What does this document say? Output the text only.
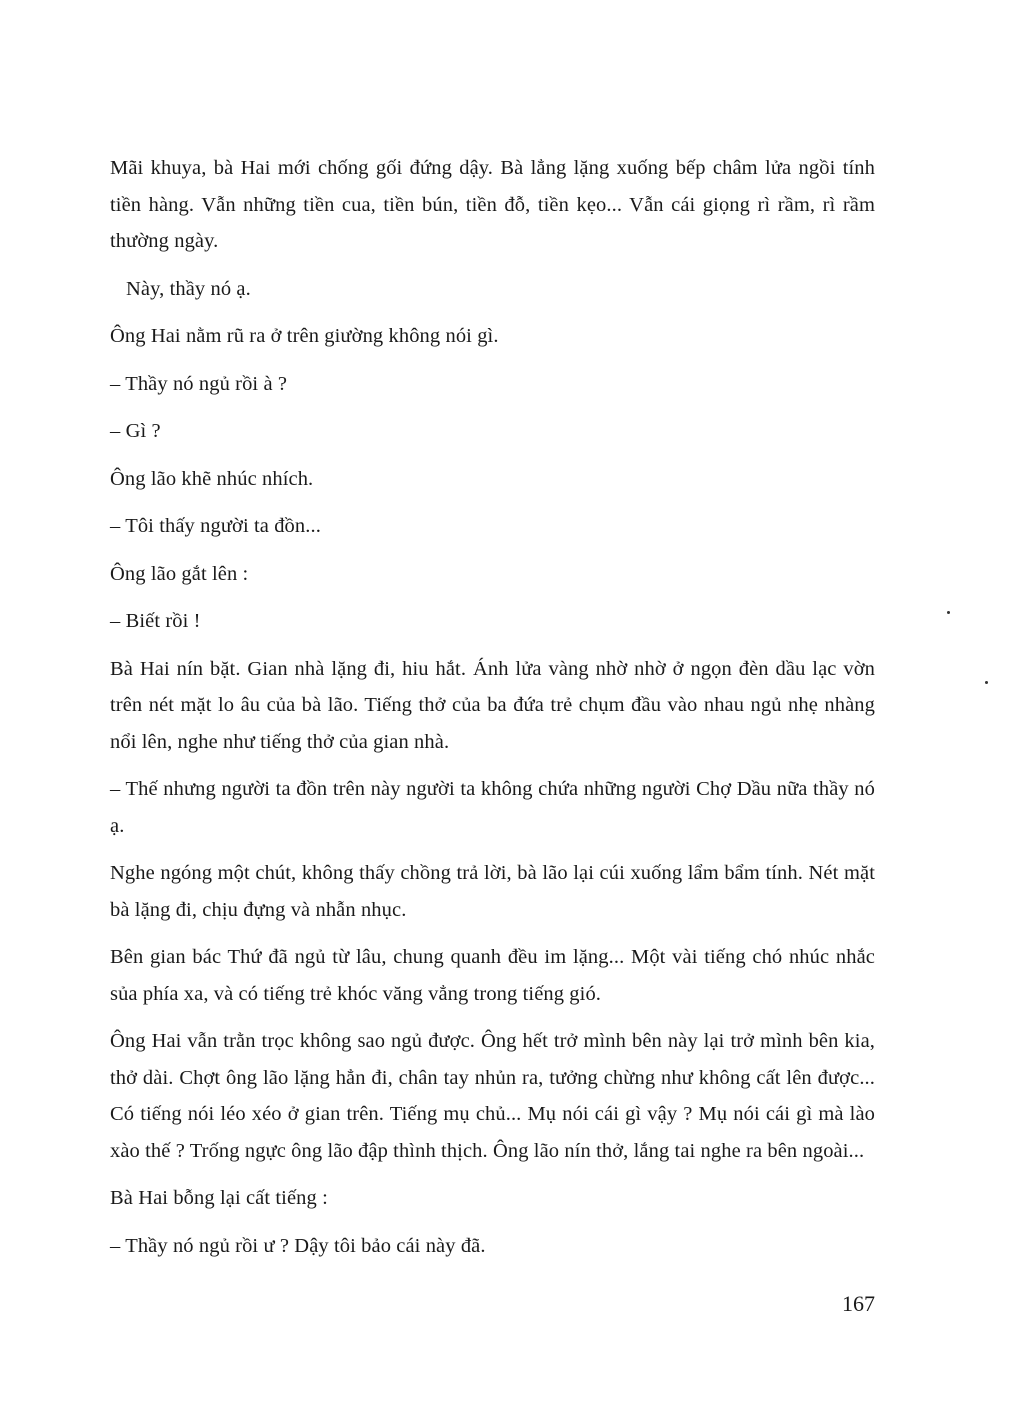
Mãi khuya, bà Hai mới chống gối đứng dậy. Bà lẳng lặng xuống bếp châm lửa ngồi tính tiền hàng. Vẫn những tiền cua, tiền bún, tiền đỗ, tiền kẹo... Vẫn cái giọng rì rầm, rì rầm thường ngày.

Này, thầy nó ạ.

Ông Hai nằm rũ ra ở trên giường không nói gì.

– Thầy nó ngủ rồi à ?

– Gì ?

Ông lão khẽ nhúc nhích.

– Tôi thấy người ta đồn...

Ông lão gắt lên :

– Biết rồi !

Bà Hai nín bặt. Gian nhà lặng đi, hiu hắt. Ánh lửa vàng nhờ nhờ ở ngọn đèn dầu lạc vờn trên nét mặt lo âu của bà lão. Tiếng thở của ba đứa trẻ chụm đầu vào nhau ngủ nhẹ nhàng nổi lên, nghe như tiếng thở của gian nhà.

– Thế nhưng người ta đồn trên này người ta không chứa những người Chợ Dầu nữa thầy nó ạ.

Nghe ngóng một chút, không thấy chồng trả lời, bà lão lại cúi xuống lẩm bẩm tính. Nét mặt bà lặng đi, chịu đựng và nhẫn nhục.

Bên gian bác Thứ đã ngủ từ lâu, chung quanh đều im lặng... Một vài tiếng chó nhúc nhắc sủa phía xa, và có tiếng trẻ khóc văng vẳng trong tiếng gió.

Ông Hai vẫn trằn trọc không sao ngủ được. Ông hết trở mình bên này lại trở mình bên kia, thở dài. Chợt ông lão lặng hẳn đi, chân tay nhủn ra, tưởng chừng như không cất lên được... Có tiếng nói léo xéo ở gian trên. Tiếng mụ chủ... Mụ nói cái gì vậy ? Mụ nói cái gì mà lào xào thế ? Trống ngực ông lão đập thình thịch. Ông lão nín thở, lắng tai nghe ra bên ngoài...

Bà Hai bỗng lại cất tiếng :

– Thầy nó ngủ rồi ư ? Dậy tôi bảo cái này đã.

167
